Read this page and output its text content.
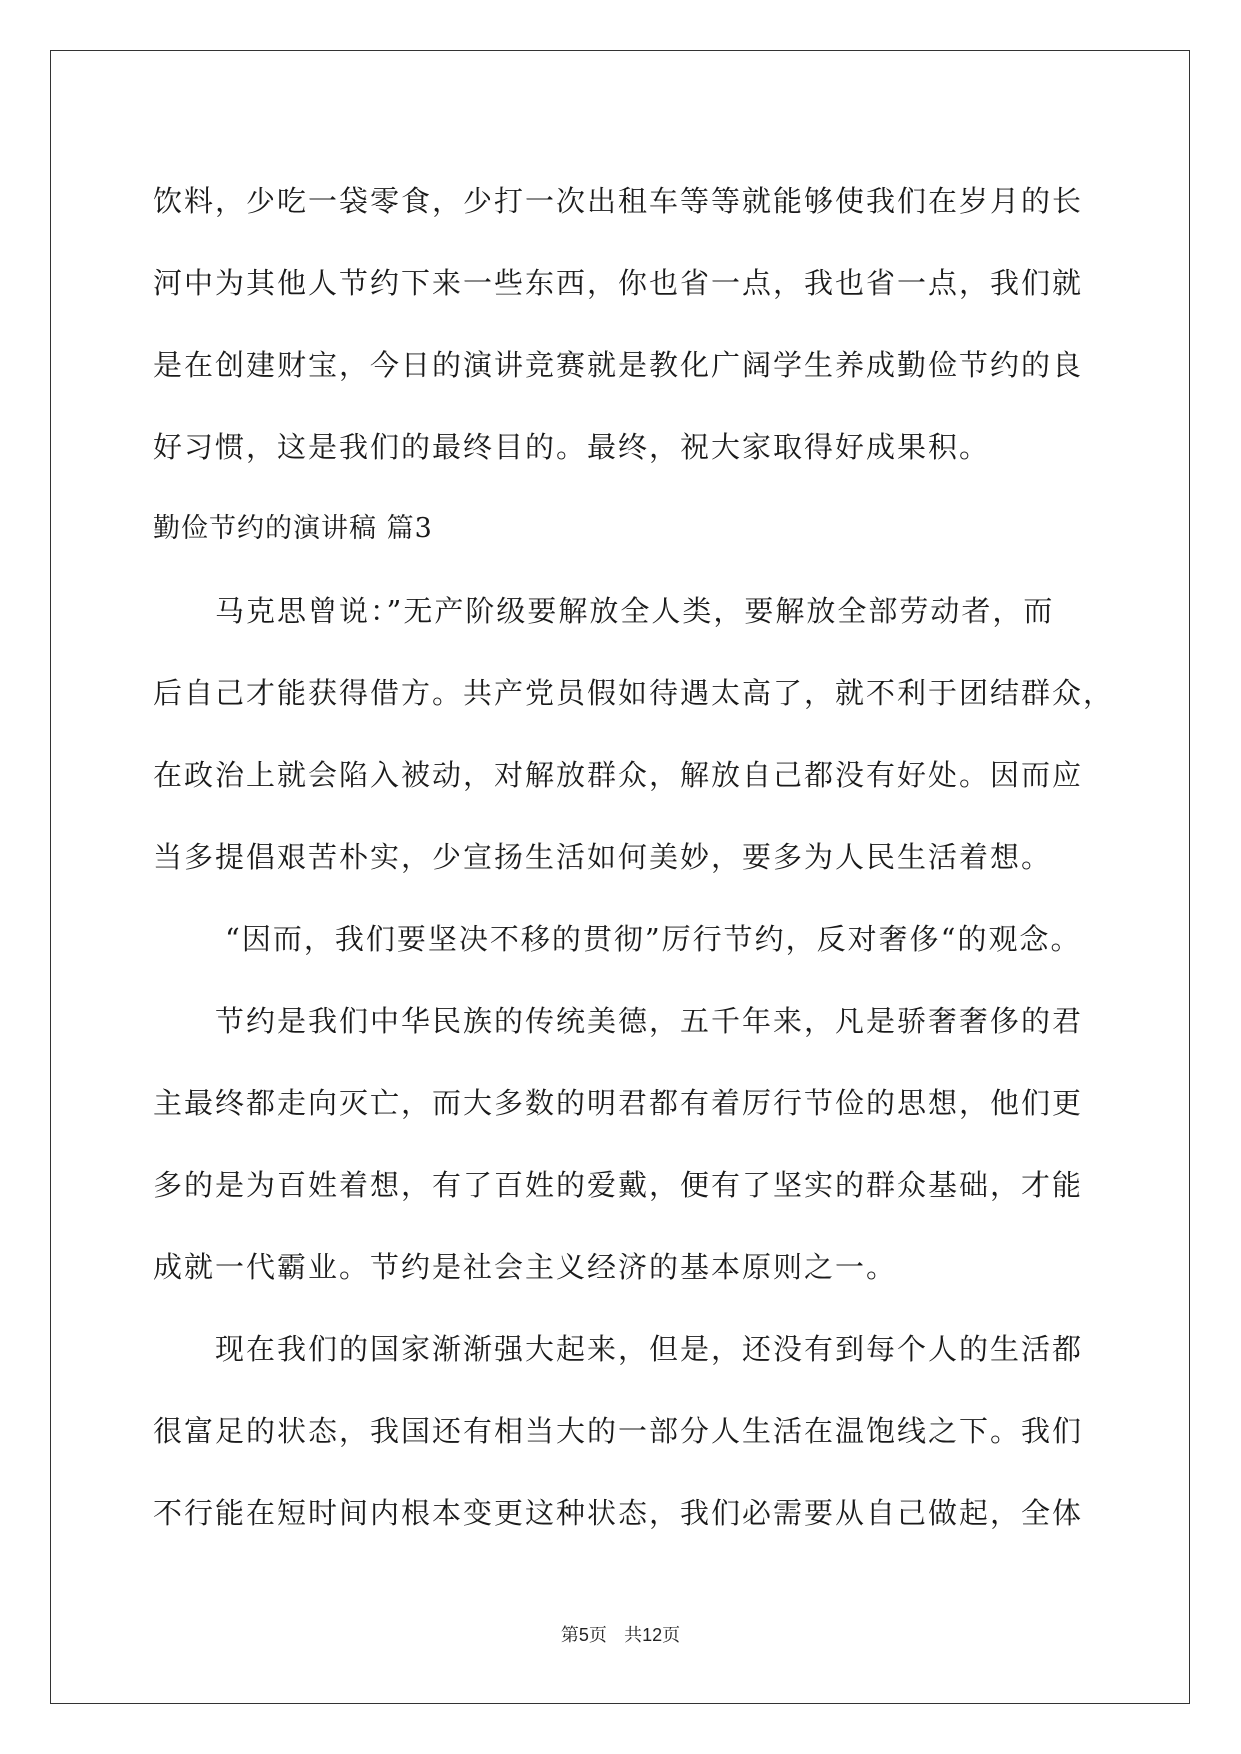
饮料，少吃一袋零食，少打一次出租车等等就能够使我们在岁月的长
河中为其他人节约下来一些东西，你也省一点，我也省一点，我们就
是在创建财宝，今日的演讲竞赛就是教化广阔学生养成勤俭节约的良
好习惯，这是我们的最终目的。最终，祝大家取得好成果积。
勤俭节约的演讲稿 篇3
马克思曾说：”无产阶级要解放全人类，要解放全部劳动者，而
后自己才能获得借方。共产党员假如待遇太高了，就不利于团结群众，
在政治上就会陷入被动，对解放群众，解放自己都没有好处。因而应
当多提倡艰苦朴实，少宣扬生活如何美妙，要多为人民生活着想。
“因而，我们要坚决不移的贯彻”厉行节约，反对奢侈“的观念。
节约是我们中华民族的传统美德，五千年来，凡是骄奢奢侈的君
主最终都走向灭亡，而大多数的明君都有着厉行节俭的思想，他们更
多的是为百姓着想，有了百姓的爱戴，便有了坚实的群众基础，才能
成就一代霸业。节约是社会主义经济的基本原则之一。
现在我们的国家渐渐强大起来，但是，还没有到每个人的生活都
很富足的状态，我国还有相当大的一部分人生活在温饱线之下。我们
不行能在短时间内根本变更这种状态，我们必需要从自己做起，全体
第5页 共12页
